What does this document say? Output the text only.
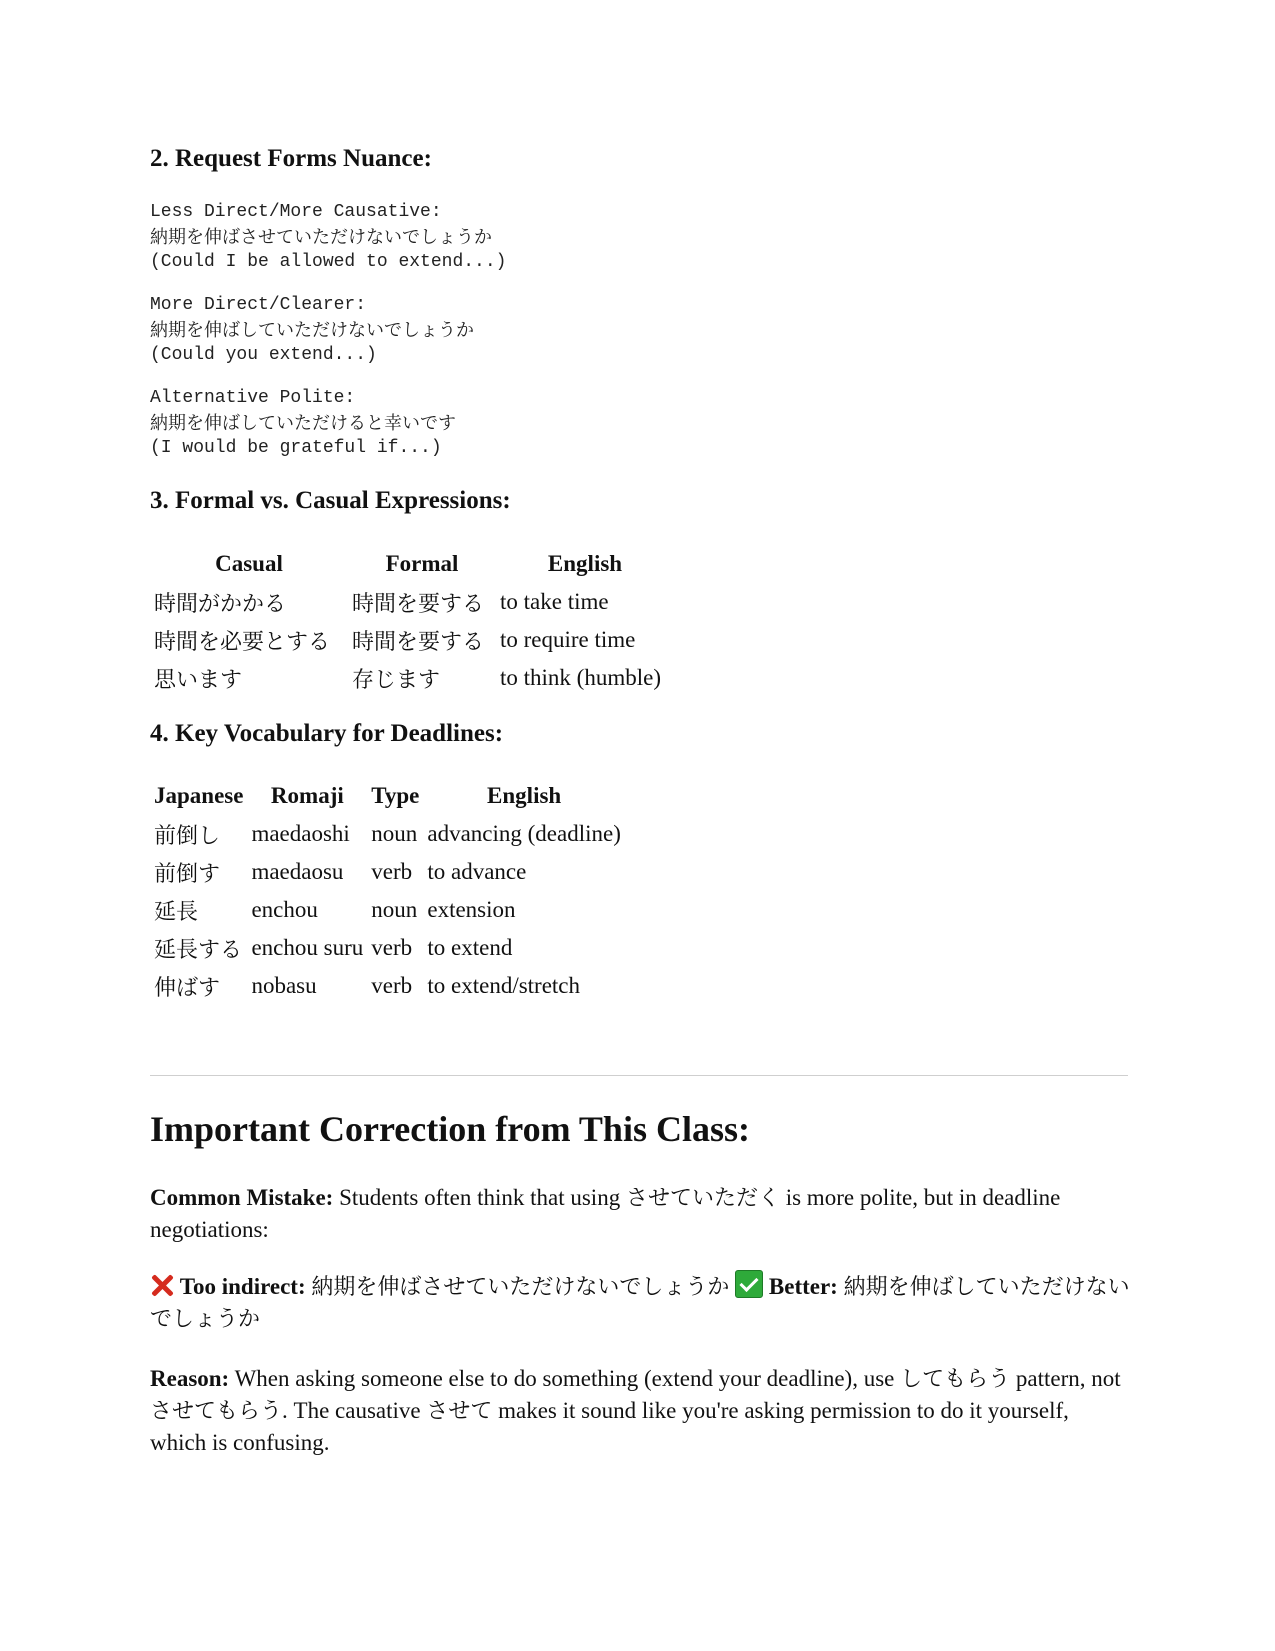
2. Request Forms Nuance:
Less Direct/More Causative:
納期を伸ばさせていただけないでしょうか
(Could I be allowed to extend...)
More Direct/Clearer:
納期を伸ばしていただけないでしょうか
(Could you extend...)
Alternative Polite:
納期を伸ばしていただけると幸いです
(I would be grateful if...)
3. Formal vs. Casual Expressions:
Casual	Formal	English
時間がかかる	時間を要する	to take time
時間を必要とする	時間を要する	to require time
思います	存じます	to think (humble)
4. Key Vocabulary for Deadlines:
Japanese	Romaji	Type	English
前倒し	maedaoshi	noun	advancing (deadline)
前倒す	maedaosu	verb	to advance
延長	enchou	noun	extension
延長する	enchou suru	verb	to extend
伸ばす	nobasu	verb	to extend/stretch
Important Correction from This Class:

Common Mistake: Students often think that using させていただく is more polite, but in deadline negotiations:

Too indirect: 納期を伸ばさせていただけないでしょうか Better: 納期を伸ばしていただけないでしょうか

Reason: When asking someone else to do something (extend your deadline), use してもらう pattern, not させてもらう. The causative させて makes it sound like you're asking permission to do it yourself, which is confusing.
